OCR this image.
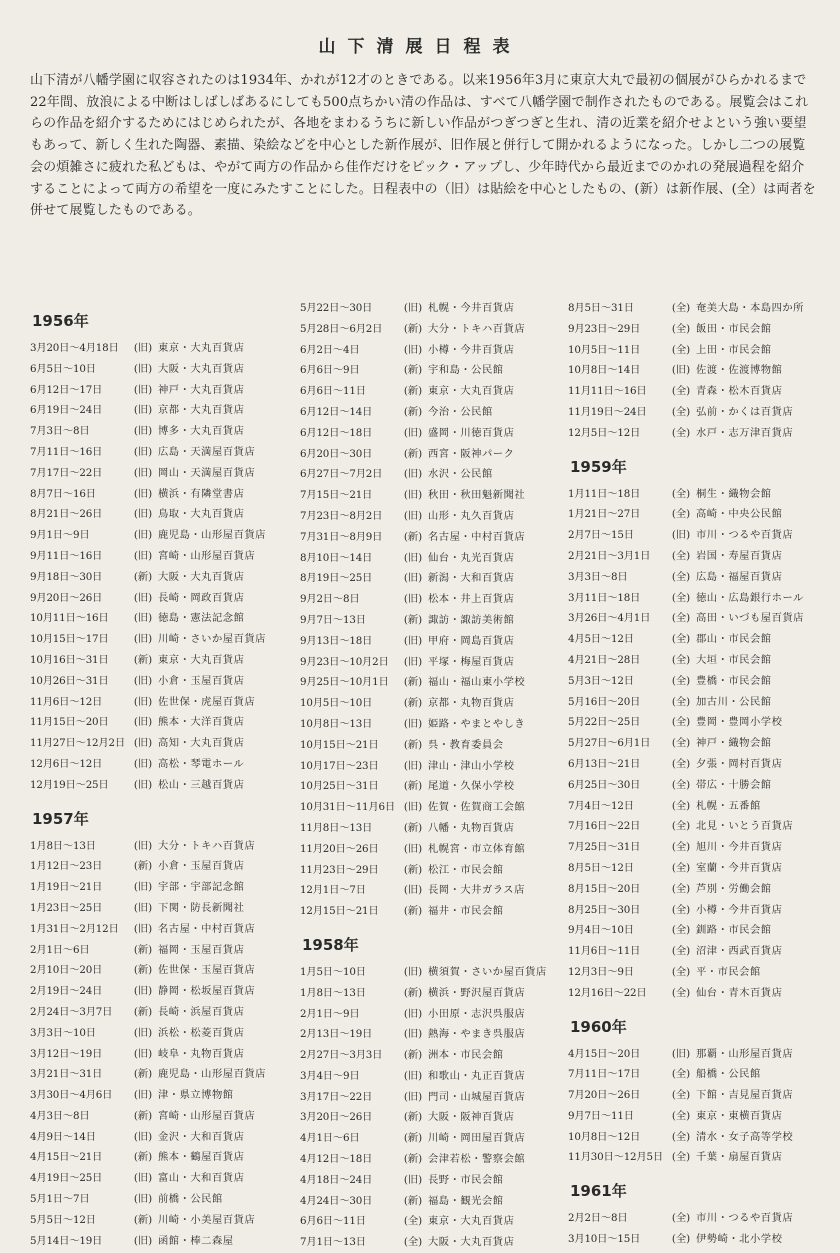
山下清展日程表

山下清が八幡学園に収容されたのは1934年、かれが12才のときである。以来1956年3月に東京大丸で最初の個展がひらかれるまで22年間、放浪による中断はしばしばあるにしても500点ちかい清の作品は、すべて八幡学園で制作されたものである。展覧会はこれらの作品を紹介するためにはじめられたが、各地をまわるうちに新しい作品がつぎつぎと生れ、清の近業を紹介せよという強い要望もあって、新しく生れた陶器、素描、染絵などを中心とした新作展が、旧作展と併行して開かれるようになった。しかし二つの展覧会の煩雑さに疲れた私どもは、やがて両方の作品から佳作だけをピック・アップし、少年時代から最近までのかれの発展過程を紹介することによって両方の希望を一度にみたすことにした。日程表中の（旧）は貼絵を中心としたもの、(新）は新作展、(全）は両者を併せて展覧したものである。

1956年
3月20日～4月18日	(旧) 東京・大丸百貨店
6月5日～10日	(旧) 大阪・大丸百貨店
6月12日～17日	(旧) 神戸・大丸百貨店
6月19日～24日	(旧) 京都・大丸百貨店
7月3日～8日	(旧) 博多・大丸百貨店
7月11日～16日	(旧) 広島・天満屋百貨店
7月17日～22日	(旧) 岡山・天満屋百貨店
8月7日～16日	(旧) 横浜・有隣堂書店
8月21日～26日	(旧) 鳥取・大丸百貨店
9月1日～9日	(旧) 鹿児島・山形屋百貨店
9月11日～16日	(旧) 宮崎・山形屋百貨店
9月18日～30日	(新) 大阪・大丸百貨店
9月20日～26日	(旧) 長崎・岡政百貨店
10月11日～16日	(旧) 徳島・憲法記念館
10月15日～17日	(旧) 川崎・さいか屋百貨店
10月16日～31日	(新) 東京・大丸百貨店
10月26日～31日	(旧) 小倉・玉屋百貨店
11月6日～12日	(旧) 佐世保・虎屋百貨店
11月15日～20日	(旧) 熊本・大洋百貨店
11月27日～12月2日 (旧) 高知・大丸百貨店
12月6日～12日	(旧) 高松・琴電ホール
12月19日～25日	(旧) 松山・三越百貨店
1957年
1月8日～13日	(旧) 大分・トキハ百貨店
1月12日～23日	(新) 小倉・玉屋百貨店
1月19日～21日	(旧) 宇部・宇部記念館
1月23日～25日	(旧) 下関・防長新聞社
1月31日～2月12日	(旧) 名古屋・中村百貨店
2月1日～6日	(新) 福岡・玉屋百貨店
2月10日～20日	(新) 佐世保・玉屋百貨店
2月19日～24日	(旧) 静岡・松坂屋百貨店
2月24日～3月7日	(新) 長崎・浜屋百貨店
3月3日～10日	(旧) 浜松・松菱百貨店
3月12日～19日	(旧) 岐阜・丸物百貨店
3月21日～31日	(新) 鹿児島・山形屋百貨店
3月30日～4月6日	(旧) 津・県立博物館
4月3日～8日	(新) 宮崎・山形屋百貨店
4月9日～14日	(旧) 金沢・大和百貨店
4月15日～21日	(新) 熊本・鶴屋百貨店
4月19日～25日	(旧) 富山・大和百貨店
5月1日～7日	(旧) 前橋・公民館
5月5日～12日	(新) 川崎・小美屋百貨店
5月14日～19日	(旧) 函館・棒二森屋
5月22日～30日	(旧) 札幌・今井百貨店
5月28日～6月2日	(新) 大分・トキハ百貨店
6月2日～4日	(旧) 小樽・今井百貨店
6月6日～9日	(新) 宇和島・公民館
6月6日～11日	(新) 東京・大丸百貨店
6月12日～14日	(新) 今治・公民館
6月12日～18日	(旧) 盛岡・川徳百貨店
6月20日～30日	(新) 西宮・阪神パーク
6月27日～7月2日	(旧) 水沢・公民館
7月15日～21日	(旧) 秋田・秋田魁新聞社
7月23日～8月2日	(旧) 山形・丸久百貨店
7月31日～8月9日	(新) 名古屋・中村百貨店
8月10日～14日	(旧) 仙台・丸光百貨店
8月19日～25日	(旧) 新潟・大和百貨店
9月2日～8日	(旧) 松本・井上百貨店
9月7日～13日	(新) 諏訪・諏訪美術館
9月13日～18日	(旧) 甲府・岡島百貨店
9月23日～10月2日	(旧) 平塚・梅屋百貨店
9月25日～10月1日	(新) 福山・福山東小学校
10月5日～10日	(新) 京都・丸物百貨店
10月8日～13日	(旧) 姫路・やまとやしき
10月15日～21日	(新) 呉・教育委員会
10月17日～23日	(旧) 津山・津山小学校
10月25日～31日	(新) 尾道・久保小学校
10月31日～11月6日 (旧) 佐賀・佐賀商工会館
11月8日～13日	(新) 八幡・丸物百貨店
11月20日～26日	(旧) 札幌宮・市立体育館
11月23日～29日	(新) 松江・市民会館
12月1日～7日	(旧) 長岡・大井ガラス店
12月15日～21日	(新) 福井・市民会館
1958年
1月5日～10日	(旧) 横須賀・さいか屋百貨店
1月8日～13日	(新) 横浜・野沢屋百貨店
2月1日～9日	(旧) 小田原・志沢呉服店
2月13日～19日	(旧) 熱海・やまき呉服店
2月27日～3月3日	(新) 洲本・市民会館
3月4日～9日	(旧) 和歌山・丸正百貨店
3月17日～22日	(旧) 門司・山城屋百貨店
3月20日～26日	(新) 大阪・阪神百貨店
4月1日～6日	(新) 川崎・岡田屋百貨店
4月12日～18日	(新) 会津若松・警察会館
4月18日～24日	(旧) 長野・市民会館
4月24日～30日	(新) 福島・観光会館
6月6日～11日	(全) 東京・大丸百貨店
7月1日～13日	(全) 大阪・大丸百貨店
8月5日～31日	(全) 奄美大島・本島四か所
9月23日～29日	(全) 飯田・市民会館
10月5日～11日	(全) 上田・市民会館
10月8日～14日	(旧) 佐渡・佐渡博物館
11月11日～16日	(全) 青森・松木百貨店
11月19日～24日	(全) 弘前・かくは百貨店
12月5日～12日	(全) 水戸・志万津百貨店
1959年
1月11日～18日	(全) 桐生・織物会館
1月21日～27日	(全) 高崎・中央公民館
2月7日～15日	(旧) 市川・つるや百貨店
2月21日～3月1日	(全) 岩国・寿屋百貨店
3月3日～8日	(全) 広島・福屋百貨店
3月11日～18日	(全) 徳山・広島銀行ホール
3月26日～4月1日	(全) 高田・いづも屋百貨店
4月5日～12日	(全) 郡山・市民会館
4月21日～28日	(全) 大垣・市民会館
5月3日～12日	(全) 豊橋・市民会館
5月16日～20日	(全) 加古川・公民館
5月22日～25日	(全) 豊岡・豊岡小学校
5月27日～6月1日	(全) 神戸・織物会館
6月13日～21日	(全) 夕張・岡村百貨店
6月25日～30日	(全) 帯広・十勝会館
7月4日～12日	(全) 札幌・五番館
7月16日～22日	(全) 北見・いとう百貨店
7月25日～31日	(全) 旭川・今井百貨店
8月5日～12日	(全) 室蘭・今井百貨店
8月15日～20日	(全) 芦別・労働会館
8月25日～30日	(全) 小樽・今井百貨店
9月4日～10日	(全) 釧路・市民会館
11月6日～11日	(全) 沼津・西武百貨店
12月3日～9日	(全) 平・市民会館
12月16日～22日	(全) 仙台・青木百貨店
1960年
4月15日～20日	(旧) 那覇・山形屋百貨店
7月11日～17日	(全) 船橋・公民館
7月20日～26日	(全) 下館・吉見屋百貨店
9月7日～11日	(全) 東京・東横百貨店
10月8日～12日	(全) 清水・女子高等学校
11月30日～12月5日 (全) 千葉・扇屋百貨店
1961年
2月2日～8日	(全) 市川・つるや百貨店
3月10日～15日	(全) 伊勢崎・北小学校
